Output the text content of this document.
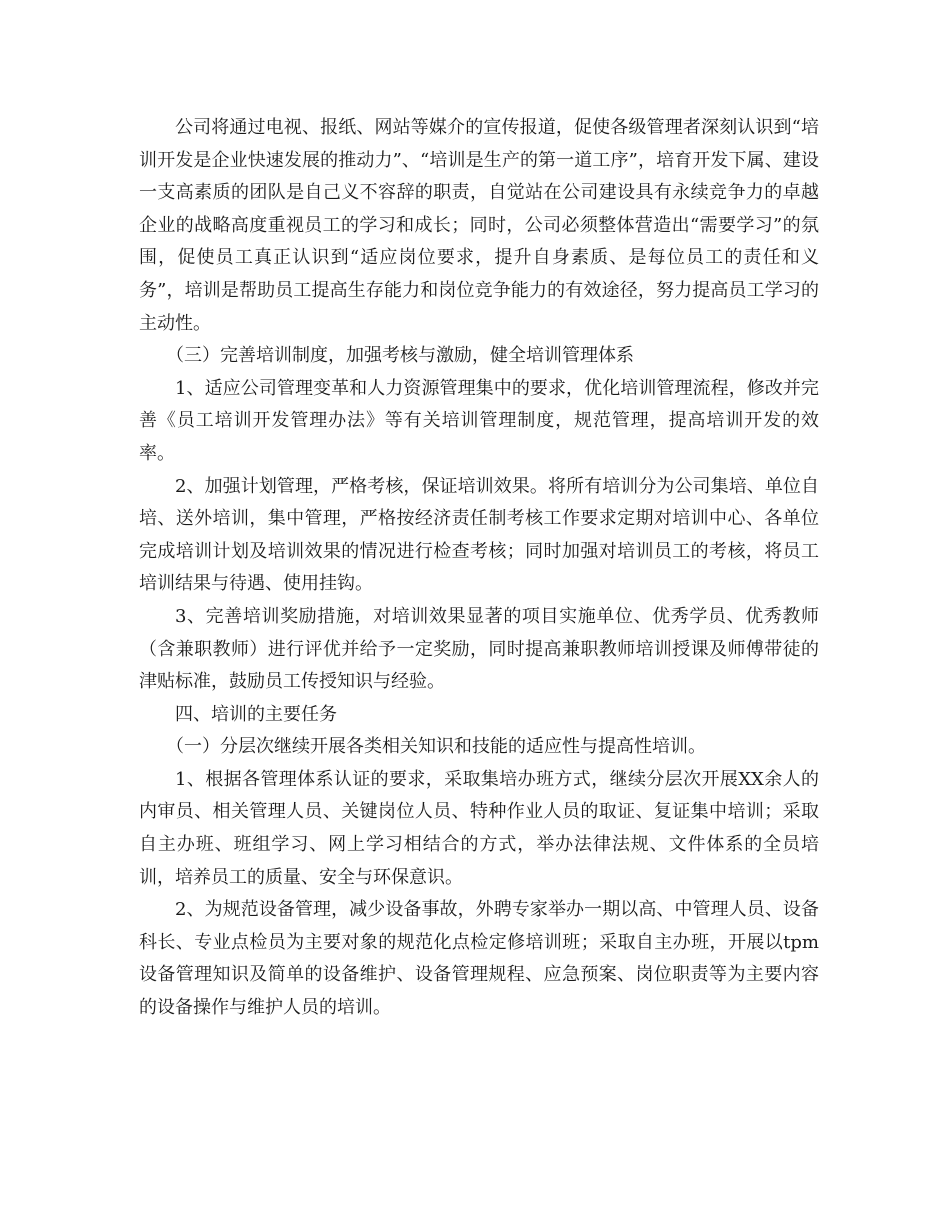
公司将通过电视、报纸、网站等媒介的宣传报道，促使各级管理者深刻认识到“培训开发是企业快速发展的推动力”、“培训是生产的第一道工序”，培育开发下属、建设一支高素质的团队是自己义不容辞的职责，自觉站在公司建设具有永续竞争力的卓越企业的战略高度重视员工的学习和成长；同时，公司必须整体营造出“需要学习”的氛围，促使员工真正认识到“适应岗位要求，提升自身素质、是每位员工的责任和义务”，培训是帮助员工提高生存能力和岗位竞争能力的有效途径，努力提高员工学习的主动性。

（三）完善培训制度，加强考核与激励，健全培训管理体系

1、适应公司管理变革和人力资源管理集中的要求，优化培训管理流程，修改并完善《员工培训开发管理办法》等有关培训管理制度，规范管理，提高培训开发的效率。

2、加强计划管理，严格考核，保证培训效果。将所有培训分为公司集培、单位自培、送外培训，集中管理，严格按经济责任制考核工作要求定期对培训中心、各单位完成培训计划及培训效果的情况进行检查考核；同时加强对培训员工的考核，将员工培训结果与待遇、使用挂钩。

3、完善培训奖励措施，对培训效果显著的项目实施单位、优秀学员、优秀教师（含兼职教师）进行评优并给予一定奖励，同时提高兼职教师培训授课及师傅带徒的津贴标准，鼓励员工传授知识与经验。

四、培训的主要任务

（一）分层次继续开展各类相关知识和技能的适应性与提高性培训。

1、根据各管理体系认证的要求，采取集培办班方式，继续分层次开展XX余人的内审员、相关管理人员、关键岗位人员、特种作业人员的取证、复证集中培训；采取自主办班、班组学习、网上学习相结合的方式，举办法律法规、文件体系的全员培训，培养员工的质量、安全与环保意识。

2、为规范设备管理，减少设备事故，外聘专家举办一期以高、中管理人员、设备科长、专业点检员为主要对象的规范化点检定修培训班；采取自主办班，开展以tpm设备管理知识及简单的设备维护、设备管理规程、应急预案、岗位职责等为主要内容的设备操作与维护人员的培训。
